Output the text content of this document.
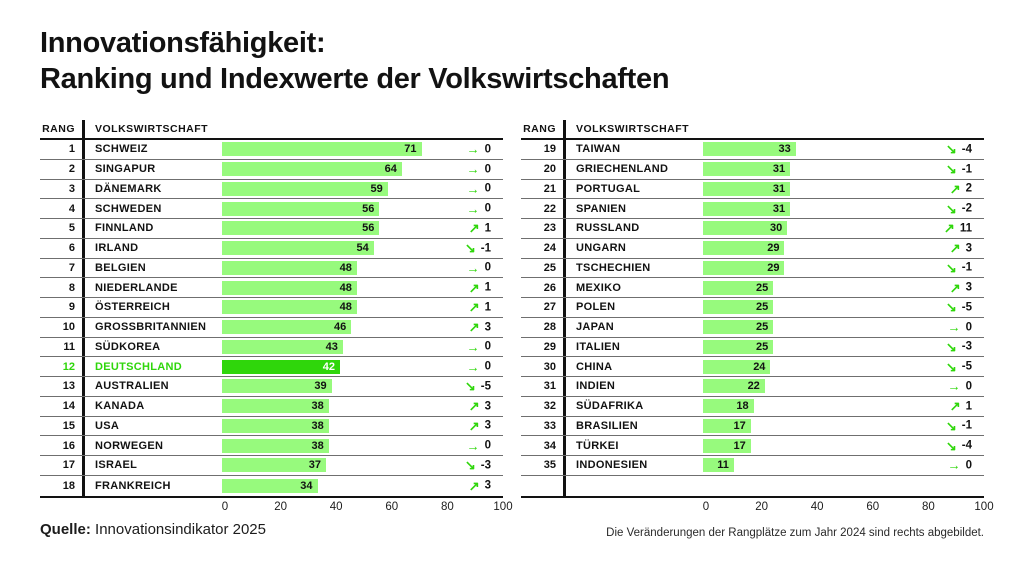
Innovationsfähigkeit:
Ranking und Indexwerte der Volkswirtschaften
RANG	VOLKSWIRTSCHAFT
1	SCHWEIZ	71	→ 0
2	SINGAPUR	64	→ 0
3	DÄNEMARK	59	→ 0
4	SCHWEDEN	56	→ 0
5	FINNLAND	56	↗ 1
6	IRLAND	54	↘ -1
7	BELGIEN	48	→ 0
8	NIEDERLANDE	48	↗ 1
9	ÖSTERREICH	48	↗ 1
10	GROSSBRITANNIEN	46	↗ 3
11	SÜDKOREA	43	→ 0
12	DEUTSCHLAND	42	→ 0
13	AUSTRALIEN	39	↘ -5
14	KANADA	38	↗ 3
15	USA	38	↗ 3
16	NORWEGEN	38	→ 0
17	ISRAEL	37	↘ -3
18	FRANKREICH	34	↗ 3
0	20	40	60	80	100
RANG	VOLKSWIRTSCHAFT
19	TAIWAN	33	↘ -4
20	GRIECHENLAND	31	↘ -1
21	PORTUGAL	31	↗ 2
22	SPANIEN	31	↘ -2
23	RUSSLAND	30	↗ 11
24	UNGARN	29	↗ 3
25	TSCHECHIEN	29	↘ -1
26	MEXIKO	25	↗ 3
27	POLEN	25	↘ -5
28	JAPAN	25	→ 0
29	ITALIEN	25	↘ -3
30	CHINA	24	↘ -5
31	INDIEN	22	→ 0
32	SÜDAFRIKA	18	↗ 1
33	BRASILIEN	17	↘ -1
34	TÜRKEI	17	↘ -4
35	INDONESIEN	11	→ 0
0	20	40	60	80	100

Quelle: Innovationsindikator 2025	Die Veränderungen der Rangplätze zum Jahr 2024 sind rechts abgebildet.
